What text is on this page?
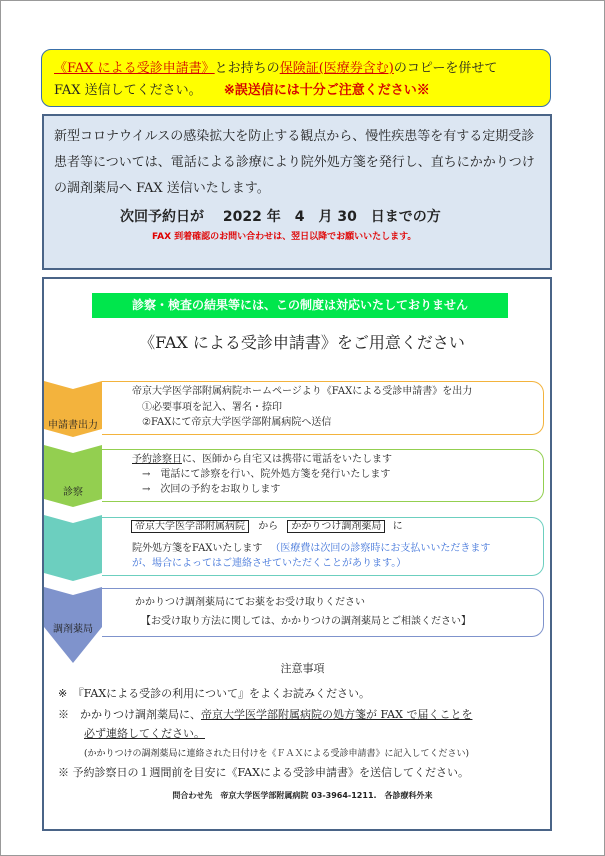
《FAX による受診申請書》とお持ちの保険証(医療券含む)のコピーを併せて
FAX 送信してください。 ※誤送信には十分ご注意ください※

新型コロナウイルスの感染拡大を防止する観点から、慢性疾患等を有する定期受診患者等については、電話による診療により院外処方箋を発行し、直ちにかかりつけの調剤薬局へ FAX 送信いたします。

次回予約日が　 2022 年　4　月 30　日までの方
FAX 到着確認のお問い合わせは、翌日以降でお願いいたします。
診察・検査の結果等には、この制度は対応いたしておりません
《FAX による受診申請書》をご用意ください
申請書出力
診察
調剤薬局
帝京大学医学部附属病院ホームページより《FAXによる受診申請書》を出力
①必要事項を記入、署名・捺印
②FAXにて帝京大学医学部附属病院へ送信
予約診察日に、医師から自宅又は携帯に電話をいたします
→　電話にて診察を行い、院外処方箋を発行いたします
→　次回の予約をお取りします
帝京大学医学部附属病院 から かかりつけ調剤薬局 に
院外処方箋をFAXいたします （医療費は次回の診察時にお支払いいただきます
が、場合によってはご連絡させていただくことがあります。）
かかりつけ調剤薬局にてお薬をお受け取りください
【お受け取り方法に関しては、かかりつけの調剤薬局とご相談ください】
注意事項
※　『FAXによる受診の利用について』をよくお読みください。
※　かかりつけ調剤薬局に、帝京大学医学部附属病院の処方箋が FAX で届くことを
必ず連絡してください。
(かかりつけの調剤薬局に連絡された日付けを《ＦＡＸによる受診申請書》に記入してください)
※ 予約診察日の１週間前を目安に《FAXによる受診申請書》を送信してください。
問合わせ先　帝京大学医学部附属病院 03-3964-1211.　各診療科外来
